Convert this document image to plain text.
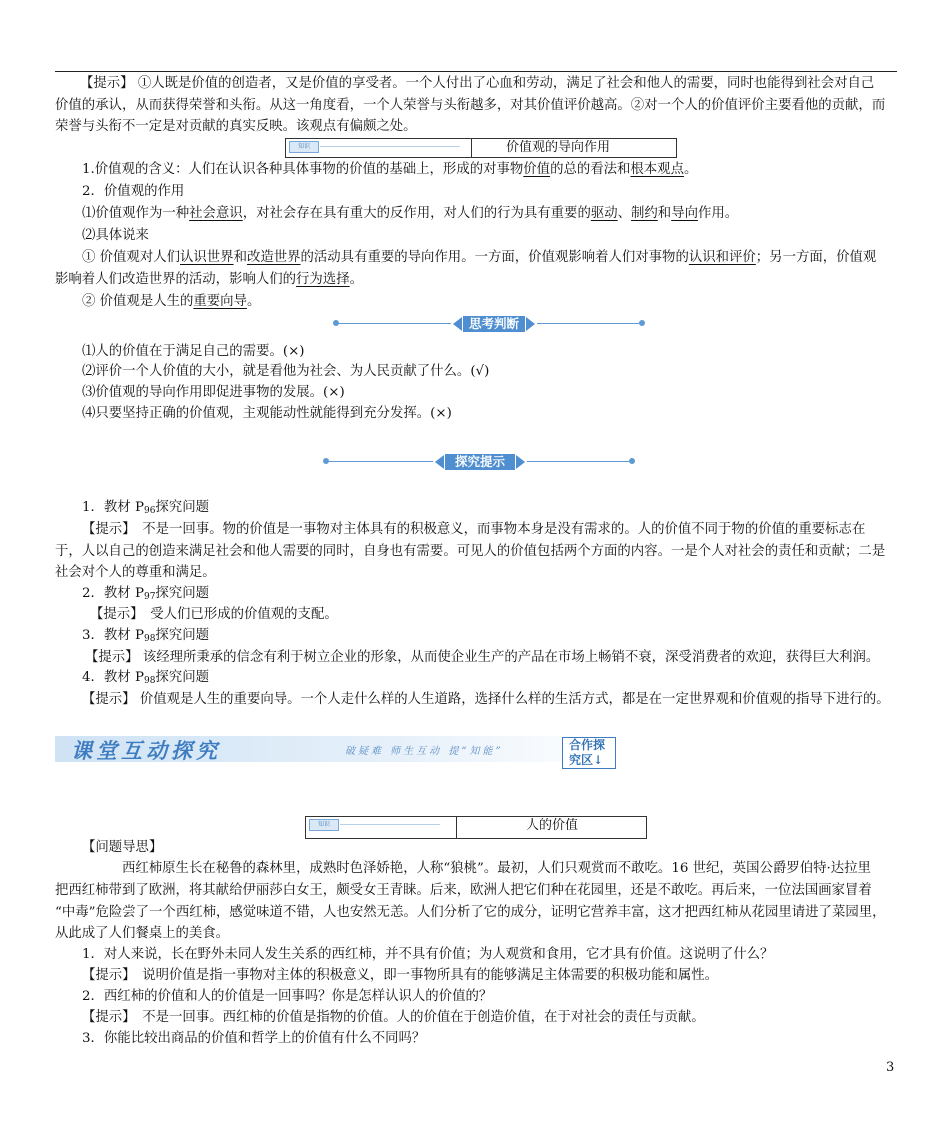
【提示】 ①人既是价值的创造者，又是价值的享受者。一个人付出了心血和劳动，满足了社会和他人的需要，同时也能得到社会对自己
价值的承认，从而获得荣誉和头衔。从这一角度看，一个人荣誉与头衔越多，对其价值评价越高。②对一个人的价值评价主要看他的贡献，而
荣誉与头衔不一定是对贡献的真实反映。该观点有偏颇之处。
知识	价值观的导向作用
1.价值观的含义：人们在认识各种具体事物的价值的基础上，形成的对事物价值的总的看法和根本观点。
2．价值观的作用
⑴价值观作为一种社会意识，对社会存在具有重大的反作用，对人们的行为具有重要的驱动、制约和导向作用。
⑵具体说来
① 价值观对人们认识世界和改造世界的活动具有重要的导向作用。一方面，价值观影响着人们对事物的认识和评价；另一方面，价值观
影响着人们改造世界的活动，影响人们的行为选择。
② 价值观是人生的重要向导。
思考判断
⑴人的价值在于满足自己的需要。(×)
⑵评价一个人价值的大小，就是看他为社会、为人民贡献了什么。(√)
⑶价值观的导向作用即促进事物的发展。(×)
⑷只要坚持正确的价值观，主观能动性就能得到充分发挥。(×)
探究提示
1．教材 $P_{96}$探究问题
【提示】　不是一回事。物的价值是一事物对主体具有的积极意义，而事物本身是没有需求的。人的价值不同于物的价值的重要标志在
于，人以自己的创造来满足社会和他人需要的同时，自身也有需要。可见人的价值包括两个方面的内容。一是个人对社会的责任和贡献；二是
社会对个人的尊重和满足。
2．教材 $P_{97}$探究问题
【提示】　受人们已形成的价值观的支配。
3．教材 $P_{98}$探究问题
【提示】 该经理所秉承的信念有利于树立企业的形象，从而使企业生产的产品在市场上畅销不衰，深受消费者的欢迎，获得巨大利润。
4．教材 $P_{98}$探究问题
【提示】 价值观是人生的重要向导。一个人走什么样的人生道路，选择什么样的生活方式，都是在一定世界观和价值观的指导下进行的。
课堂互动探究	破疑难 师生互动 提“知能”	合作探
究区↓
知识	人的价值
【问题导思】
西红柿原生长在秘鲁的森林里，成熟时色泽娇艳，人称“狼桃”。最初，人们只观赏而不敢吃。16 世纪，英国公爵罗伯特·达拉里
把西红柿带到了欧洲，将其献给伊丽莎白女王，颇受女王青睐。后来，欧洲人把它们种在花园里，还是不敢吃。再后来，一位法国画家冒着
“中毒”危险尝了一个西红柿，感觉味道不错，人也安然无恙。人们分析了它的成分，证明它营养丰富，这才把西红柿从花园里请进了菜园里，
从此成了人们餐桌上的美食。
1．对人来说，长在野外未同人发生关系的西红柿，并不具有价值；为人观赏和食用，它才具有价值。这说明了什么？
【提示】　说明价值是指一事物对主体的积极意义，即一事物所具有的能够满足主体需要的积极功能和属性。
2．西红柿的价值和人的价值是一回事吗？你是怎样认识人的价值的？
【提示】　不是一回事。西红柿的价值是指物的价值。人的价值在于创造价值，在于对社会的责任与贡献。
3．你能比较出商品的价值和哲学上的价值有什么不同吗？
3
